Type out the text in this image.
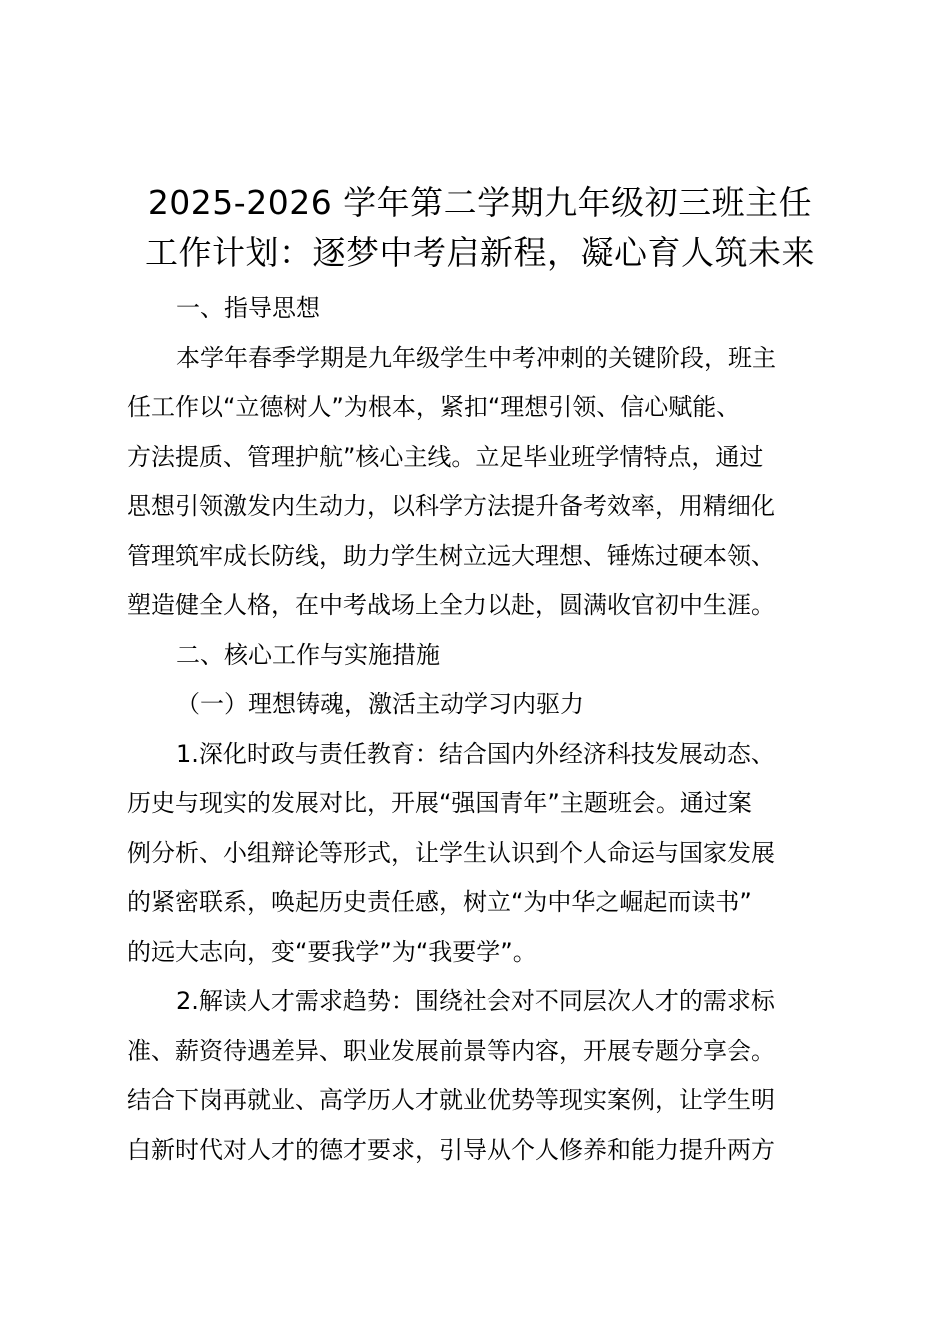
2025-2026 学年第二学期九年级初三班主任
工作计划：逐梦中考启新程，凝心育人筑未来
一、指导思想
本学年春季学期是九年级学生中考冲刺的关键阶段，班主
任工作以“立德树人”为根本，紧扣“理想引领、信心赋能、
方法提质、管理护航”核心主线。立足毕业班学情特点，通过
思想引领激发内生动力，以科学方法提升备考效率，用精细化
管理筑牢成长防线，助力学生树立远大理想、锤炼过硬本领、
塑造健全人格，在中考战场上全力以赴，圆满收官初中生涯。
二、核心工作与实施措施
（一）理想铸魂，激活主动学习内驱力
1.深化时政与责任教育：结合国内外经济科技发展动态、
历史与现实的发展对比，开展“强国青年”主题班会。通过案
例分析、小组辩论等形式，让学生认识到个人命运与国家发展
的紧密联系，唤起历史责任感，树立“为中华之崛起而读书”
的远大志向，变“要我学”为“我要学”。
2.解读人才需求趋势：围绕社会对不同层次人才的需求标
准、薪资待遇差异、职业发展前景等内容，开展专题分享会。
结合下岗再就业、高学历人才就业优势等现实案例，让学生明
白新时代对人才的德才要求，引导从个人修养和能力提升两方
